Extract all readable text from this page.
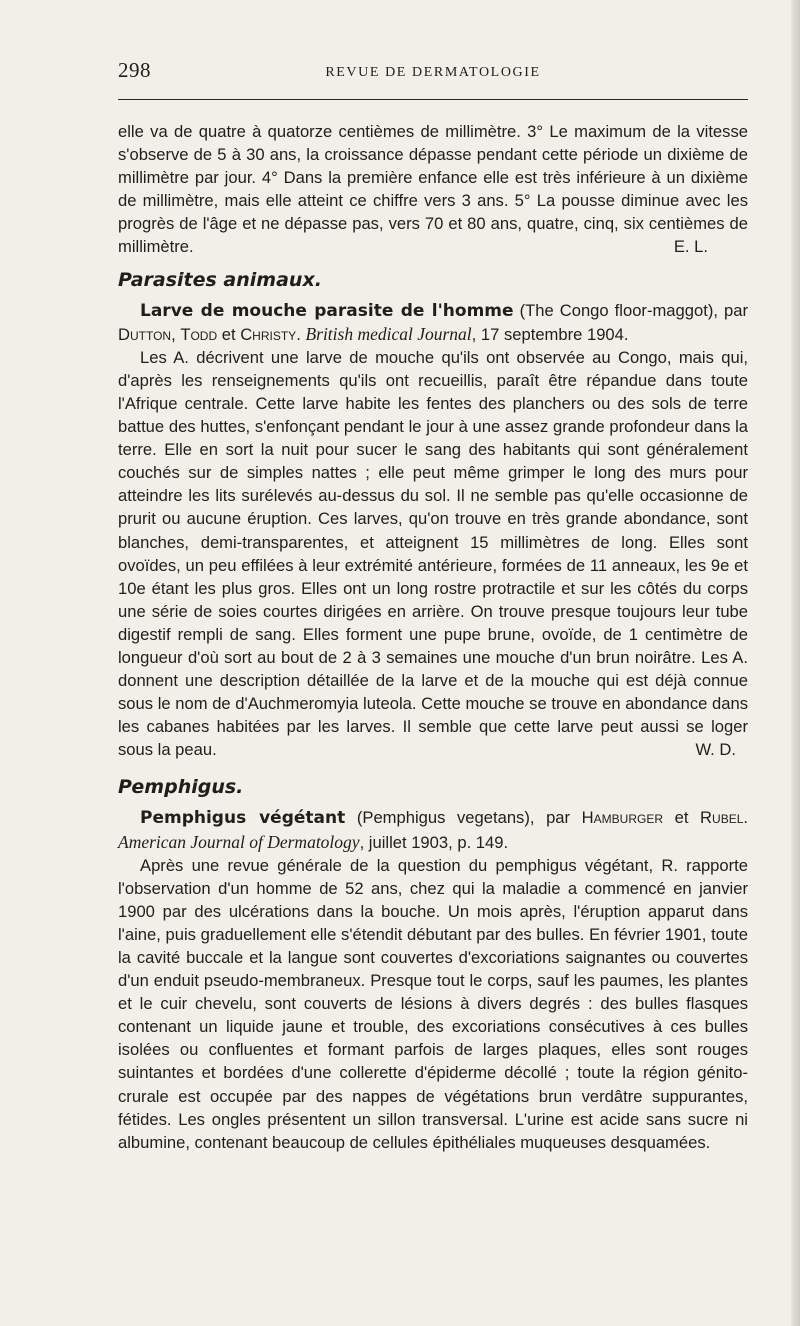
298	REVUE DE DERMATOLOGIE

elle va de quatre à quatorze centièmes de millimètre. 3° Le maximum de la vitesse s'observe de 5 à 30 ans, la croissance dépasse pendant cette période un dixième de millimètre par jour. 4° Dans la première enfance elle est très inférieure à un dixième de millimètre, mais elle atteint ce chiffre vers 3 ans. 5° La pousse diminue avec les progrès de l'âge et ne dépasse pas, vers 70 et 80 ans, quatre, cinq, six centièmes de millimètre.	E. L.

Parasites animaux.

Larve de mouche parasite de l'homme (The Congo floor-maggot), par Dutton, Todd et Christy. British medical Journal, 17 septembre 1904.

Les A. décrivent une larve de mouche qu'ils ont observée au Congo, mais qui, d'après les renseignements qu'ils ont recueillis, paraît être répandue dans toute l'Afrique centrale. Cette larve habite les fentes des planchers ou des sols de terre battue des huttes, s'enfonçant pendant le jour à une assez grande profondeur dans la terre. Elle en sort la nuit pour sucer le sang des habitants qui sont généralement couchés sur de simples nattes ; elle peut même grimper le long des murs pour atteindre les lits surélevés au-dessus du sol. Il ne semble pas qu'elle occasionne de prurit ou aucune éruption. Ces larves, qu'on trouve en très grande abondance, sont blanches, demi-transparentes, et atteignent 15 millimètres de long. Elles sont ovoïdes, un peu effilées à leur extrémité antérieure, formées de 11 anneaux, les 9e et 10e étant les plus gros. Elles ont un long rostre protractile et sur les côtés du corps une série de soies courtes dirigées en arrière. On trouve presque toujours leur tube digestif rempli de sang. Elles forment une pupe brune, ovoïde, de 1 centimètre de longueur d'où sort au bout de 2 à 3 semaines une mouche d'un brun noirâtre. Les A. donnent une description détaillée de la larve et de la mouche qui est déjà connue sous le nom de d'Auchmeromyia luteola. Cette mouche se trouve en abondance dans les cabanes habitées par les larves. Il semble que cette larve peut aussi se loger sous la peau.	W. D.

Pemphigus.

Pemphigus végétant (Pemphigus vegetans), par Hamburger et Rubel. American Journal of Dermatology, juillet 1903, p. 149.

Après une revue générale de la question du pemphigus végétant, R. rapporte l'observation d'un homme de 52 ans, chez qui la maladie a commencé en janvier 1900 par des ulcérations dans la bouche. Un mois après, l'éruption apparut dans l'aine, puis graduellement elle s'étendit débutant par des bulles. En février 1901, toute la cavité buccale et la langue sont couvertes d'excoriations saignantes ou couvertes d'un enduit pseudo-membraneux. Presque tout le corps, sauf les paumes, les plantes et le cuir chevelu, sont couverts de lésions à divers degrés : des bulles flasques contenant un liquide jaune et trouble, des excoriations consécutives à ces bulles isolées ou confluentes et formant parfois de larges plaques, elles sont rouges suintantes et bordées d'une collerette d'épiderme décollé ; toute la région génito-crurale est occupée par des nappes de végétations brun verdâtre suppurantes, fétides. Les ongles présentent un sillon transversal. L'urine est acide sans sucre ni albumine, contenant beaucoup de cellules épithéliales muqueuses desquamées.
